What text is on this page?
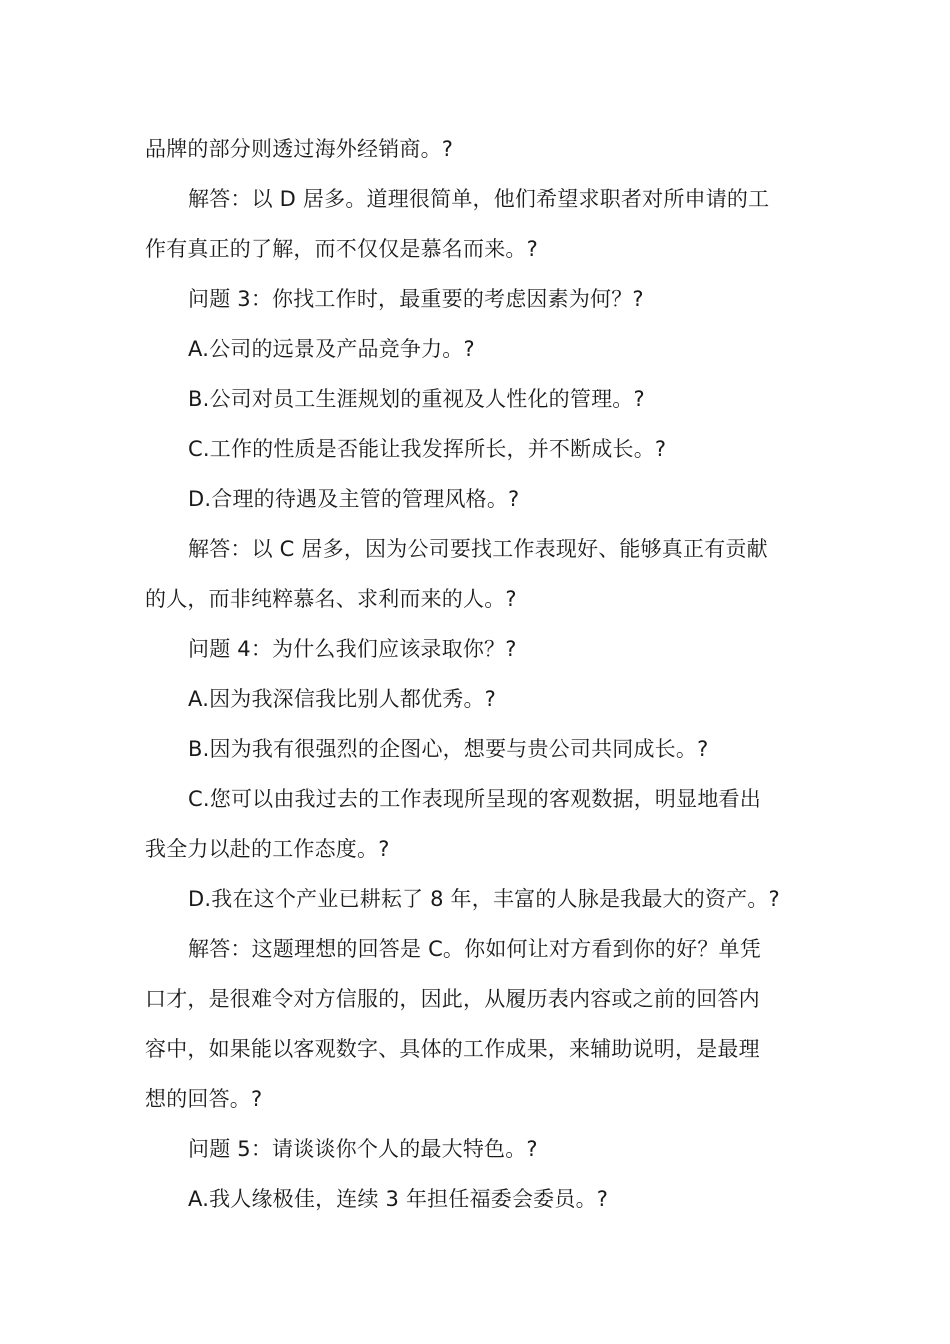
品牌的部分则透过海外经销商。?
解答：以 D 居多。道理很简单，他们希望求职者对所申请的工
作有真正的了解，而不仅仅是慕名而来。?
问题 3：你找工作时，最重要的考虑因素为何？?
A.公司的远景及产品竞争力。?
B.公司对员工生涯规划的重视及人性化的管理。?
C.工作的性质是否能让我发挥所长，并不断成长。?
D.合理的待遇及主管的管理风格。?
解答：以 C 居多，因为公司要找工作表现好、能够真正有贡献
的人，而非纯粹慕名、求利而来的人。?
问题 4：为什么我们应该录取你？?
A.因为我深信我比别人都优秀。?
B.因为我有很强烈的企图心，想要与贵公司共同成长。?
C.您可以由我过去的工作表现所呈现的客观数据，明显地看出
我全力以赴的工作态度。?
D.我在这个产业已耕耘了 8 年，丰富的人脉是我最大的资产。?
解答：这题理想的回答是 C。你如何让对方看到你的好？单凭
口才，是很难令对方信服的，因此，从履历表内容或之前的回答内
容中，如果能以客观数字、具体的工作成果，来辅助说明，是最理
想的回答。?
问题 5：请谈谈你个人的最大特色。?
A.我人缘极佳，连续 3 年担任福委会委员。?
